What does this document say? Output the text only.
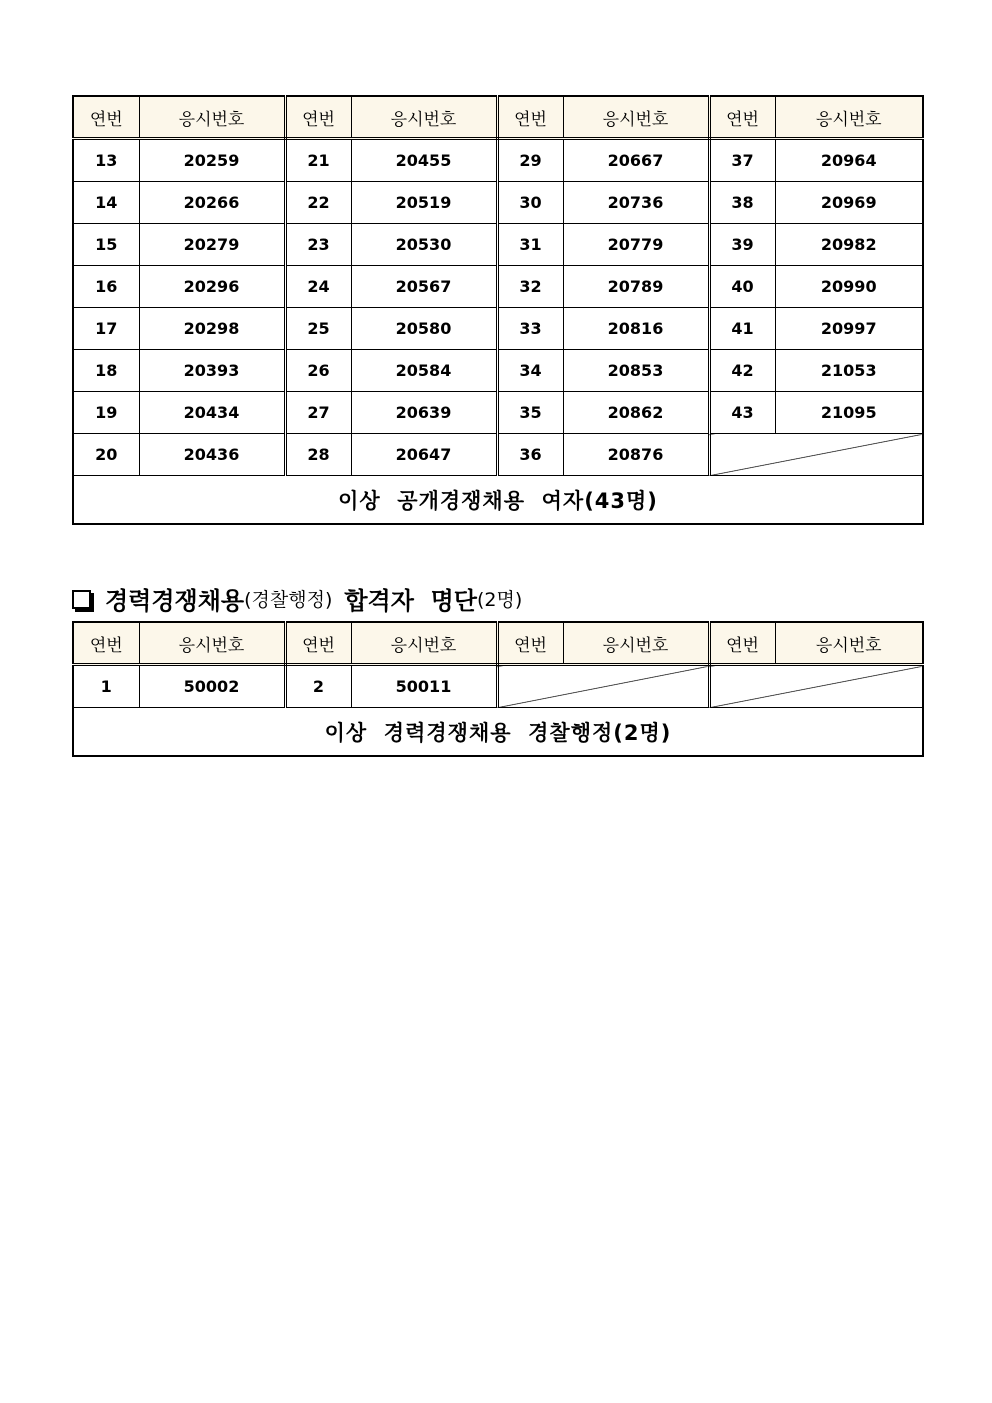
연번	응시번호	연번	응시번호	연번	응시번호	연번	응시번호
13	20259	21	20455	29	20667	37	20964
14	20266	22	20519	30	20736	38	20969
15	20279	23	20530	31	20779	39	20982
16	20296	24	20567	32	20789	40	20990
17	20298	25	20580	33	20816	41	20997
18	20393	26	20584	34	20853	42	21053
19	20434	27	20639	35	20862	43	21095
20	20436	28	20647	36	20876		
이상  공개경쟁채용  여자(43명)							
경력경쟁채용 (경찰행정) 합격자  명단 (2명)
연번	응시번호	연번	응시번호	연번	응시번호	연번	응시번호
1	50002	2	50011				
이상  경력경쟁채용  경찰행정(2명)							
